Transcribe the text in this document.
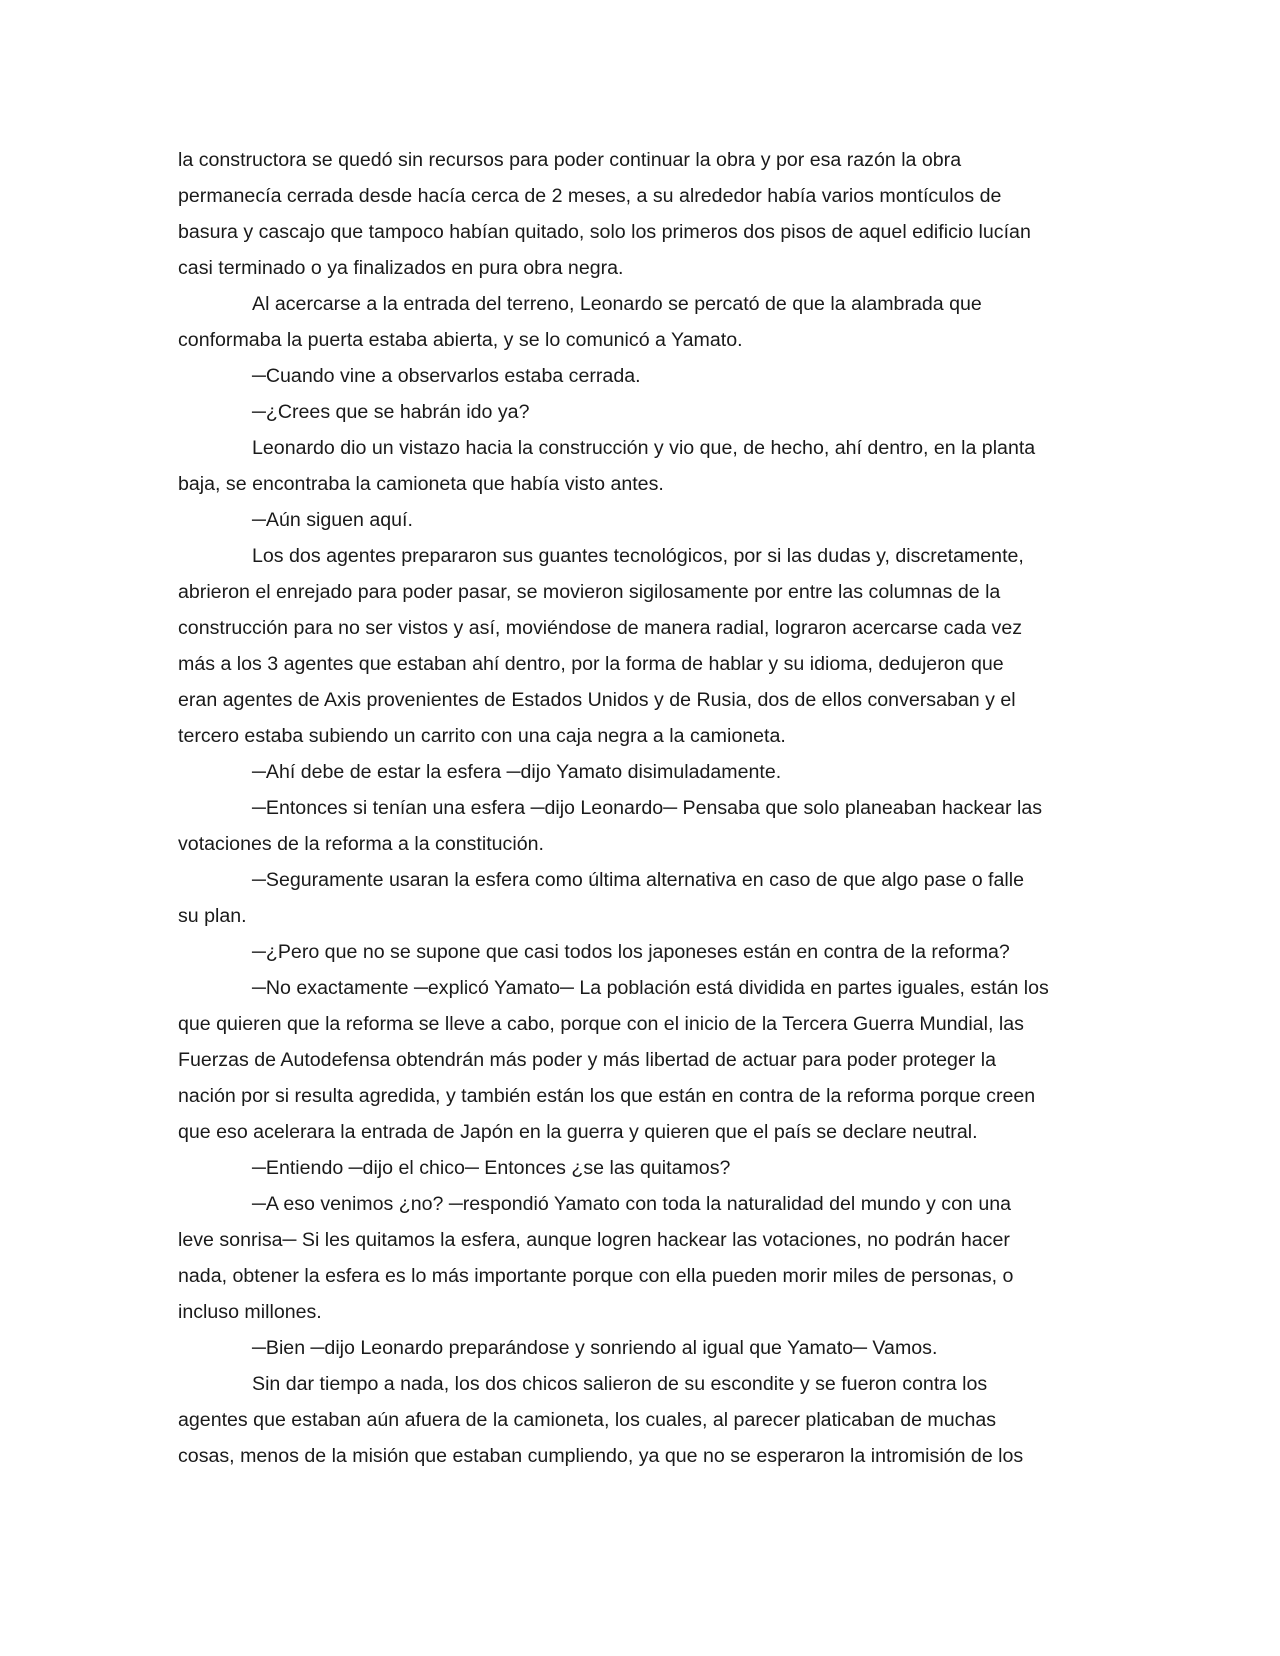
la constructora se quedó sin recursos para poder continuar la obra y por esa razón la obra
permanecía cerrada desde hacía cerca de 2 meses, a su alrededor había varios montículos de
basura y cascajo que tampoco habían quitado, solo los primeros dos pisos de aquel edificio lucían
casi terminado o ya finalizados en pura obra negra.

Al acercarse a la entrada del terreno, Leonardo se percató de que la alambrada que
conformaba la puerta estaba abierta, y se lo comunicó a Yamato.

─Cuando vine a observarlos estaba cerrada.

─¿Crees que se habrán ido ya?

Leonardo dio un vistazo hacia la construcción y vio que, de hecho, ahí dentro, en la planta
baja, se encontraba la camioneta que había visto antes.

─Aún siguen aquí.

Los dos agentes prepararon sus guantes tecnológicos, por si las dudas y, discretamente,
abrieron el enrejado para poder pasar, se movieron sigilosamente por entre las columnas de la
construcción para no ser vistos y así, moviéndose de manera radial, lograron acercarse cada vez
más a los 3 agentes que estaban ahí dentro, por la forma de hablar y su idioma, dedujeron que
eran agentes de Axis provenientes de Estados Unidos y de Rusia, dos de ellos conversaban y el
tercero estaba subiendo un carrito con una caja negra a la camioneta.

─Ahí debe de estar la esfera ─dijo Yamato disimuladamente.

─Entonces si tenían una esfera ─dijo Leonardo─ Pensaba que solo planeaban hackear las
votaciones de la reforma a la constitución.

─Seguramente usaran la esfera como última alternativa en caso de que algo pase o falle
su plan.

─¿Pero que no se supone que casi todos los japoneses están en contra de la reforma?

─No exactamente ─explicó Yamato─ La población está dividida en partes iguales, están los
que quieren que la reforma se lleve a cabo, porque con el inicio de la Tercera Guerra Mundial, las
Fuerzas de Autodefensa obtendrán más poder y más libertad de actuar para poder proteger la
nación por si resulta agredida, y también están los que están en contra de la reforma porque creen
que eso acelerara la entrada de Japón en la guerra y quieren que el país se declare neutral.

─Entiendo ─dijo el chico─ Entonces ¿se las quitamos?

─A eso venimos ¿no? ─respondió Yamato con toda la naturalidad del mundo y con una
leve sonrisa─ Si les quitamos la esfera, aunque logren hackear las votaciones, no podrán hacer
nada, obtener la esfera es lo más importante porque con ella pueden morir miles de personas, o
incluso millones.

─Bien ─dijo Leonardo preparándose y sonriendo al igual que Yamato─ Vamos.

Sin dar tiempo a nada, los dos chicos salieron de su escondite y se fueron contra los
agentes que estaban aún afuera de la camioneta, los cuales, al parecer platicaban de muchas
cosas, menos de la misión que estaban cumpliendo, ya que no se esperaron la intromisión de los
